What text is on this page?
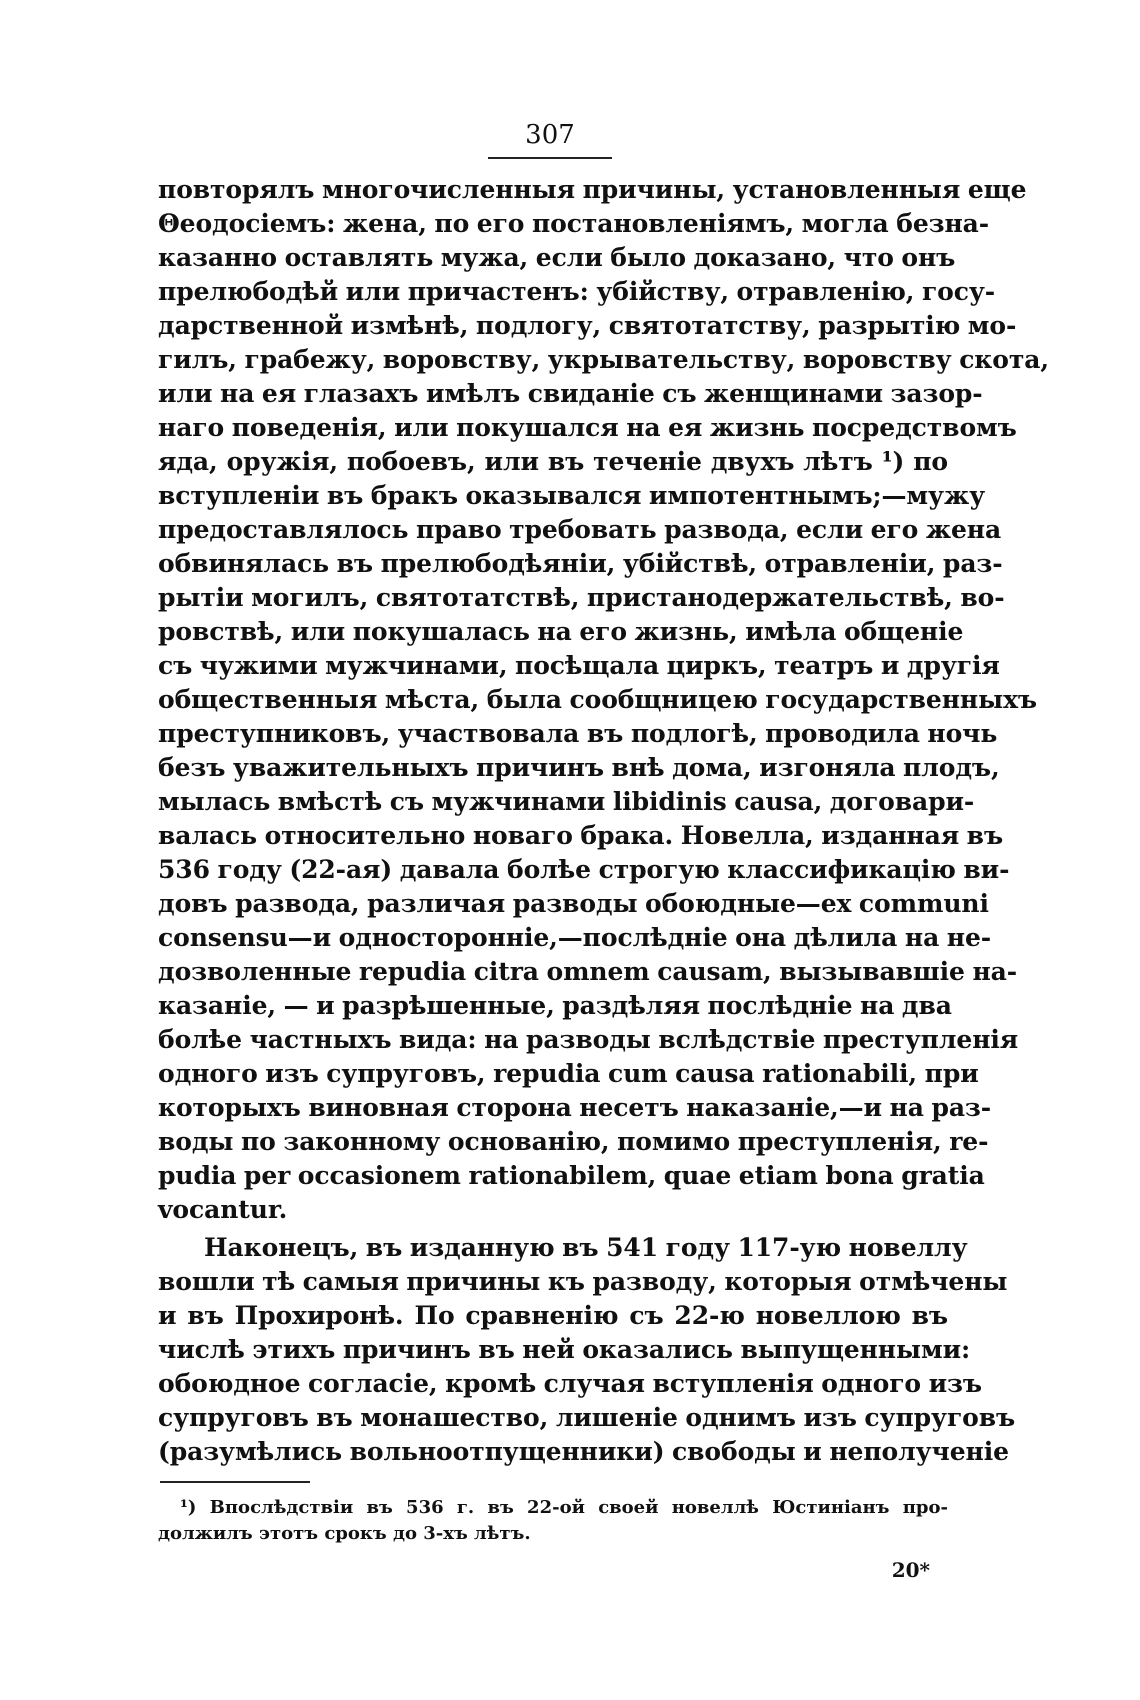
307
повторялъ многочисленныя причины, установленныя еще
Θеодосіемъ: жена, по его постановленіямъ, могла безна-
казанно оставлять мужа, если было доказано, что онъ
прелюбодѣй или причастенъ: убійству, отравленію, госу-
дарственной измѣнѣ, подлогу, святотатству, разрытію мо-
гилъ, грабежу, воровству, укрывательству, воровству скота,
или на ея глазахъ имѣлъ свиданіе съ женщинами зазор-
наго поведенія, или покушался на ея жизнь посредствомъ
яда, оружія, побоевъ, или въ теченіе двухъ лѣтъ ¹) по
вступленіи въ бракъ оказывался импотентнымъ;—мужу
предоставлялось право требовать развода, если его жена
обвинялась въ прелюбодѣяніи, убійствѣ, отравленіи, раз-
рытіи могилъ, святотатствѣ, пристанодержательствѣ, во-
ровствѣ, или покушалась на его жизнь, имѣла общеніе
съ чужими мужчинами, посѣщала циркъ, театръ и другія
общественныя мѣста, была сообщницею государственныхъ
преступниковъ, участвовала въ подлогѣ, проводила ночь
безъ уважительныхъ причинъ внѣ дома, изгоняла плодъ,
мылась вмѣстѣ съ мужчинами libidinis causa, договари-
валась относительно новаго брака. Новелла, изданная въ
536 году (22-ая) давала болѣе строгую классификацію ви-
довъ развода, различая разводы обоюдные—ex communi
consensu—и односторонніе,—послѣдніе она дѣлила на не-
дозволенные repudia citra omnem causam, вызывавшіе на-
казаніе, — и разрѣшенные, раздѣляя послѣдніе на два
болѣе частныхъ вида: на разводы вслѣдствіе преступленія
одного изъ супруговъ, repudia cum causa rationabili, при
которыхъ виновная сторона несетъ наказаніе,—и на раз-
воды по законному основанію, помимо преступленія, re-
pudia per occasionem rationabilem, quae etiam bona gratia
vocantur.
Наконецъ, въ изданную въ 541 году 117-ую новеллу
вошли тѣ самыя причины къ разводу, которыя отмѣчены
и въ Прохиронѣ. По сравненію съ 22-ю новеллою въ
числѣ этихъ причинъ въ ней оказались выпущенными:
обоюдное согласіе, кромѣ случая вступленія одного изъ
супруговъ въ монашество, лишеніе однимъ изъ супруговъ
(разумѣлись вольноотпущенники) свободы и неполученіе
¹) Впослѣдствіи въ 536 г. въ 22-ой своей новеллѣ Юстиніанъ про-
должилъ этотъ срокъ до 3-хъ лѣтъ.
20*
